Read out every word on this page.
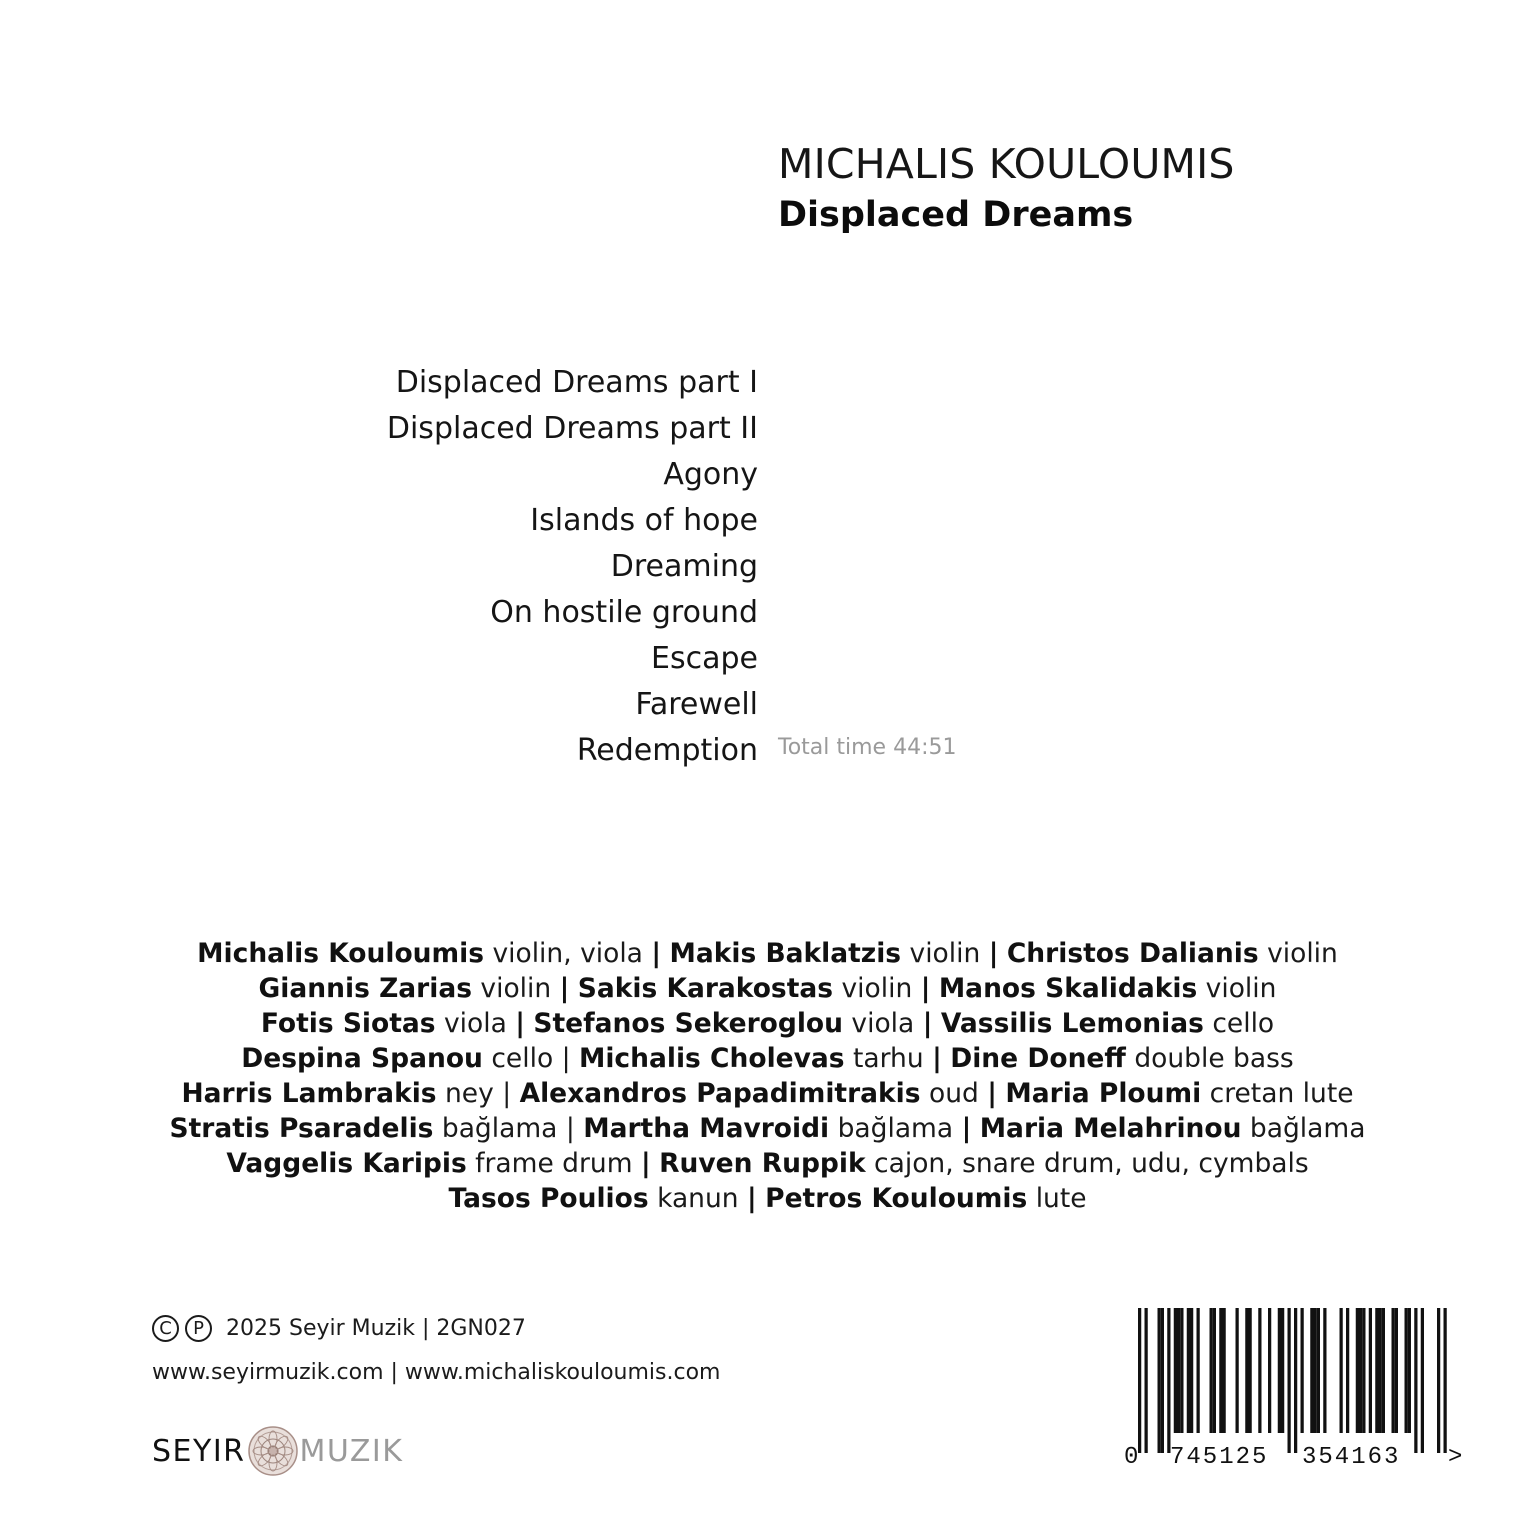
MICHALIS KOULOUMIS
Displaced Dreams
Displaced Dreams part I
Displaced Dreams part II
Agony
Islands of hope
Dreaming
On hostile ground
Escape
Farewell
Redemption Total time 44:51
Michalis Kouloumis violin, viola | Makis Baklatzis violin | Christos Dalianis violin
Giannis Zarias violin | Sakis Karakostas violin | Manos Skalidakis violin
Fotis Siotas viola | Stefanos Sekeroglou viola | Vassilis Lemonias cello
Despina Spanou cello | Michalis Cholevas tarhu | Dine Doneff double bass
Harris Lambrakis ney | Alexandros Papadimitrakis oud | Maria Ploumi cretan lute
Stratis Psaradelis bağlama | Martha Mavroidi bağlama | Maria Melahrinou bağlama
Vaggelis Karipis frame drum | Ruven Ruppik cajon, snare drum, udu, cymbals
Tasos Poulios kanun | Petros Kouloumis lute
C	P	2025 Seyir Muzik | 2GN027
www.seyirmuzik.com | www.michaliskouloumis.com
SEYIR MUZIK	0 745125 354163 >
